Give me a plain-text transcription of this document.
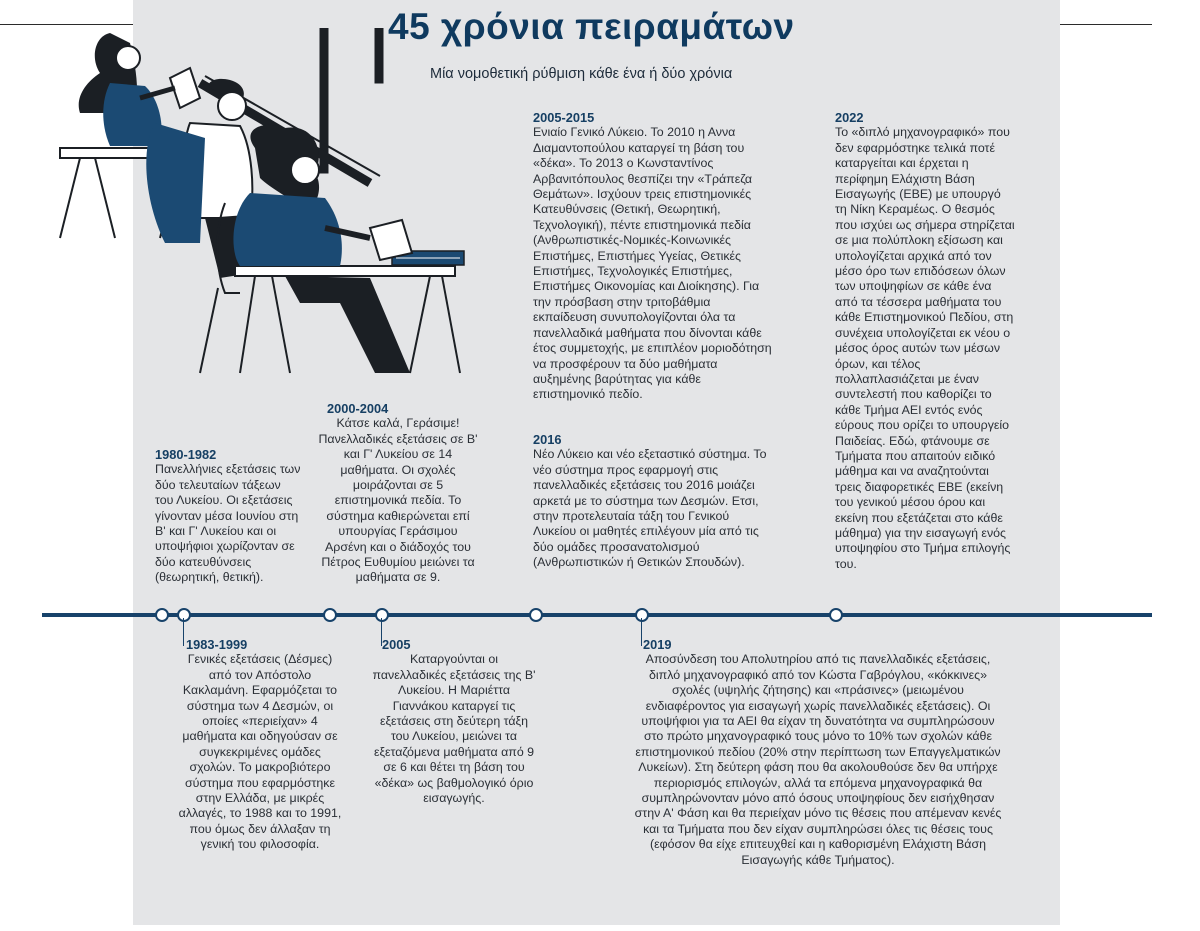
45 χρόνια πειραμάτων

Μία νομοθετική ρύθμιση κάθε ένα ή δύο χρόνια

1980-1982

Πανελλήνιες εξετάσεις των δύο τελευταίων τάξεων του Λυκείου. Οι εξετάσεις γίνονταν μέσα Ιουνίου στη Β' και Γ' Λυκείου και οι υποψήφιοι χωρίζονταν σε δύο κατευθύνσεις (θεωρητική, θετική).

2000-2004

Κάτσε καλά, Γεράσιμε! Πανελλαδικές εξετάσεις σε Β' και Γ' Λυκείου σε 14 μαθήματα. Οι σχολές μοιράζονται σε 5 επιστημονικά πεδία. Το σύστημα καθιερώνεται επί υπουργίας Γεράσιμου Αρσένη και ο διάδοχός του Πέτρος Ευθυμίου μειώνει τα μαθήματα σε 9.

2005-2015

Ενιαίο Γενικό Λύκειο. Το 2010 η Αννα Διαμαντοπούλου καταργεί τη βάση του «δέκα». Το 2013 ο Κωνσταντίνος Αρβανιτόπουλος θεσπίζει την «Τράπεζα Θεμάτων». Ισχύουν τρεις επιστημονικές Κατευθύνσεις (Θετική, Θεωρητική, Τεχνολογική), πέντε επιστημονικά πεδία (Ανθρωπιστικές-Νομικές-Κοινωνικές Επιστήμες, Επιστήμες Υγείας, Θετικές Επιστήμες, Τεχνολογικές Επιστήμες, Επιστήμες Οικονομίας και Διοίκησης). Για την πρόσβαση στην τριτοβάθμια εκπαίδευση συνυπολογίζονται όλα τα πανελλαδικά μαθήματα που δίνονται κάθε έτος συμμετοχής, με επιπλέον μοριοδότηση να προσφέρουν τα δύο μαθήματα αυξημένης βαρύτητας για κάθε επιστημονικό πεδίο.

2016

Νέο Λύκειο και νέο εξεταστικό σύστημα. Το νέο σύστημα προς εφαρμογή στις πανελλαδικές εξετάσεις του 2016 μοιάζει αρκετά με το σύστημα των Δεσμών. Ετσι, στην προτελευταία τάξη του Γενικού Λυκείου οι μαθητές επιλέγουν μία από τις δύο ομάδες προσανατολισμού (Ανθρωπιστικών ή Θετικών Σπουδών).

2022

Το «διπλό μηχανογραφικό» που δεν εφαρμόστηκε τελικά ποτέ καταργείται και έρχεται η περίφημη Ελάχιστη Βάση Εισαγωγής (ΕΒΕ) με υπουργό τη Νίκη Κεραμέως. Ο θεσμός που ισχύει ως σήμερα στηρίζεται σε μια πολύπλοκη εξίσωση και υπολογίζεται αρχικά από τον μέσο όρο των επιδόσεων όλων των υποψηφίων σε κάθε ένα από τα τέσσερα μαθήματα του κάθε Επιστημονικού Πεδίου, στη συνέχεια υπολογίζεται εκ νέου ο μέσος όρος αυτών των μέσων όρων, και τέλος πολλαπλασιάζεται με έναν συντελεστή που καθορίζει το κάθε Τμήμα ΑΕΙ εντός ενός εύρους που ορίζει το υπουργείο Παιδείας. Εδώ, φτάνουμε σε Τμήματα που απαιτούν ειδικό μάθημα και να αναζητούνται τρεις διαφορετικές ΕΒΕ (εκείνη του γενικού μέσου όρου και εκείνη που εξετάζεται στο κάθε μάθημα) για την εισαγωγή ενός υποψηφίου στο Τμήμα επιλογής του.

1983-1999

Γενικές εξετάσεις (Δέσμες) από τον Απόστολο Κακλαμάνη. Εφαρμόζεται το σύστημα των 4 Δεσμών, οι οποίες «περιείχαν» 4 μαθήματα και οδηγούσαν σε συγκεκριμένες ομάδες σχολών. Το μακροβιότερο σύστημα που εφαρμόστηκε στην Ελλάδα, με μικρές αλλαγές, το 1988 και το 1991, που όμως δεν άλλαξαν τη γενική του φιλοσοφία.

2005

Καταργούνται οι πανελλαδικές εξετάσεις της Β' Λυκείου. Η Μαριέττα Γιαννάκου καταργεί τις εξετάσεις στη δεύτερη τάξη του Λυκείου, μειώνει τα εξεταζόμενα μαθήματα από 9 σε 6 και θέτει τη βάση του «δέκα» ως βαθμολογικό όριο εισαγωγής.

2019

Αποσύνδεση του Απολυτηρίου από τις πανελλαδικές εξετάσεις, διπλό μηχανογραφικό από τον Κώστα Γαβρόγλου, «κόκκινες» σχολές (υψηλής ζήτησης) και «πράσινες» (μειωμένου ενδιαφέροντος για εισαγωγή χωρίς πανελλαδικές εξετάσεις). Οι υποψήφιοι για τα ΑΕΙ θα είχαν τη δυνατότητα να συμπληρώσουν στο πρώτο μηχανογραφικό τους μόνο το 10% των σχολών κάθε επιστημονικού πεδίου (20% στην περίπτωση των Επαγγελματικών Λυκείων). Στη δεύτερη φάση που θα ακολουθούσε δεν θα υπήρχε περιορισμός επιλογών, αλλά τα επόμενα μηχανογραφικά θα συμπληρώνονταν μόνο από όσους υποψηφίους δεν εισήχθησαν στην Α' Φάση και θα περιείχαν μόνο τις θέσεις που απέμεναν κενές και τα Τμήματα που δεν είχαν συμπληρώσει όλες τις θέσεις τους (εφόσον θα είχε επιτευχθεί και η καθορισμένη Ελάχιστη Βάση Εισαγωγής κάθε Τμήματος).
